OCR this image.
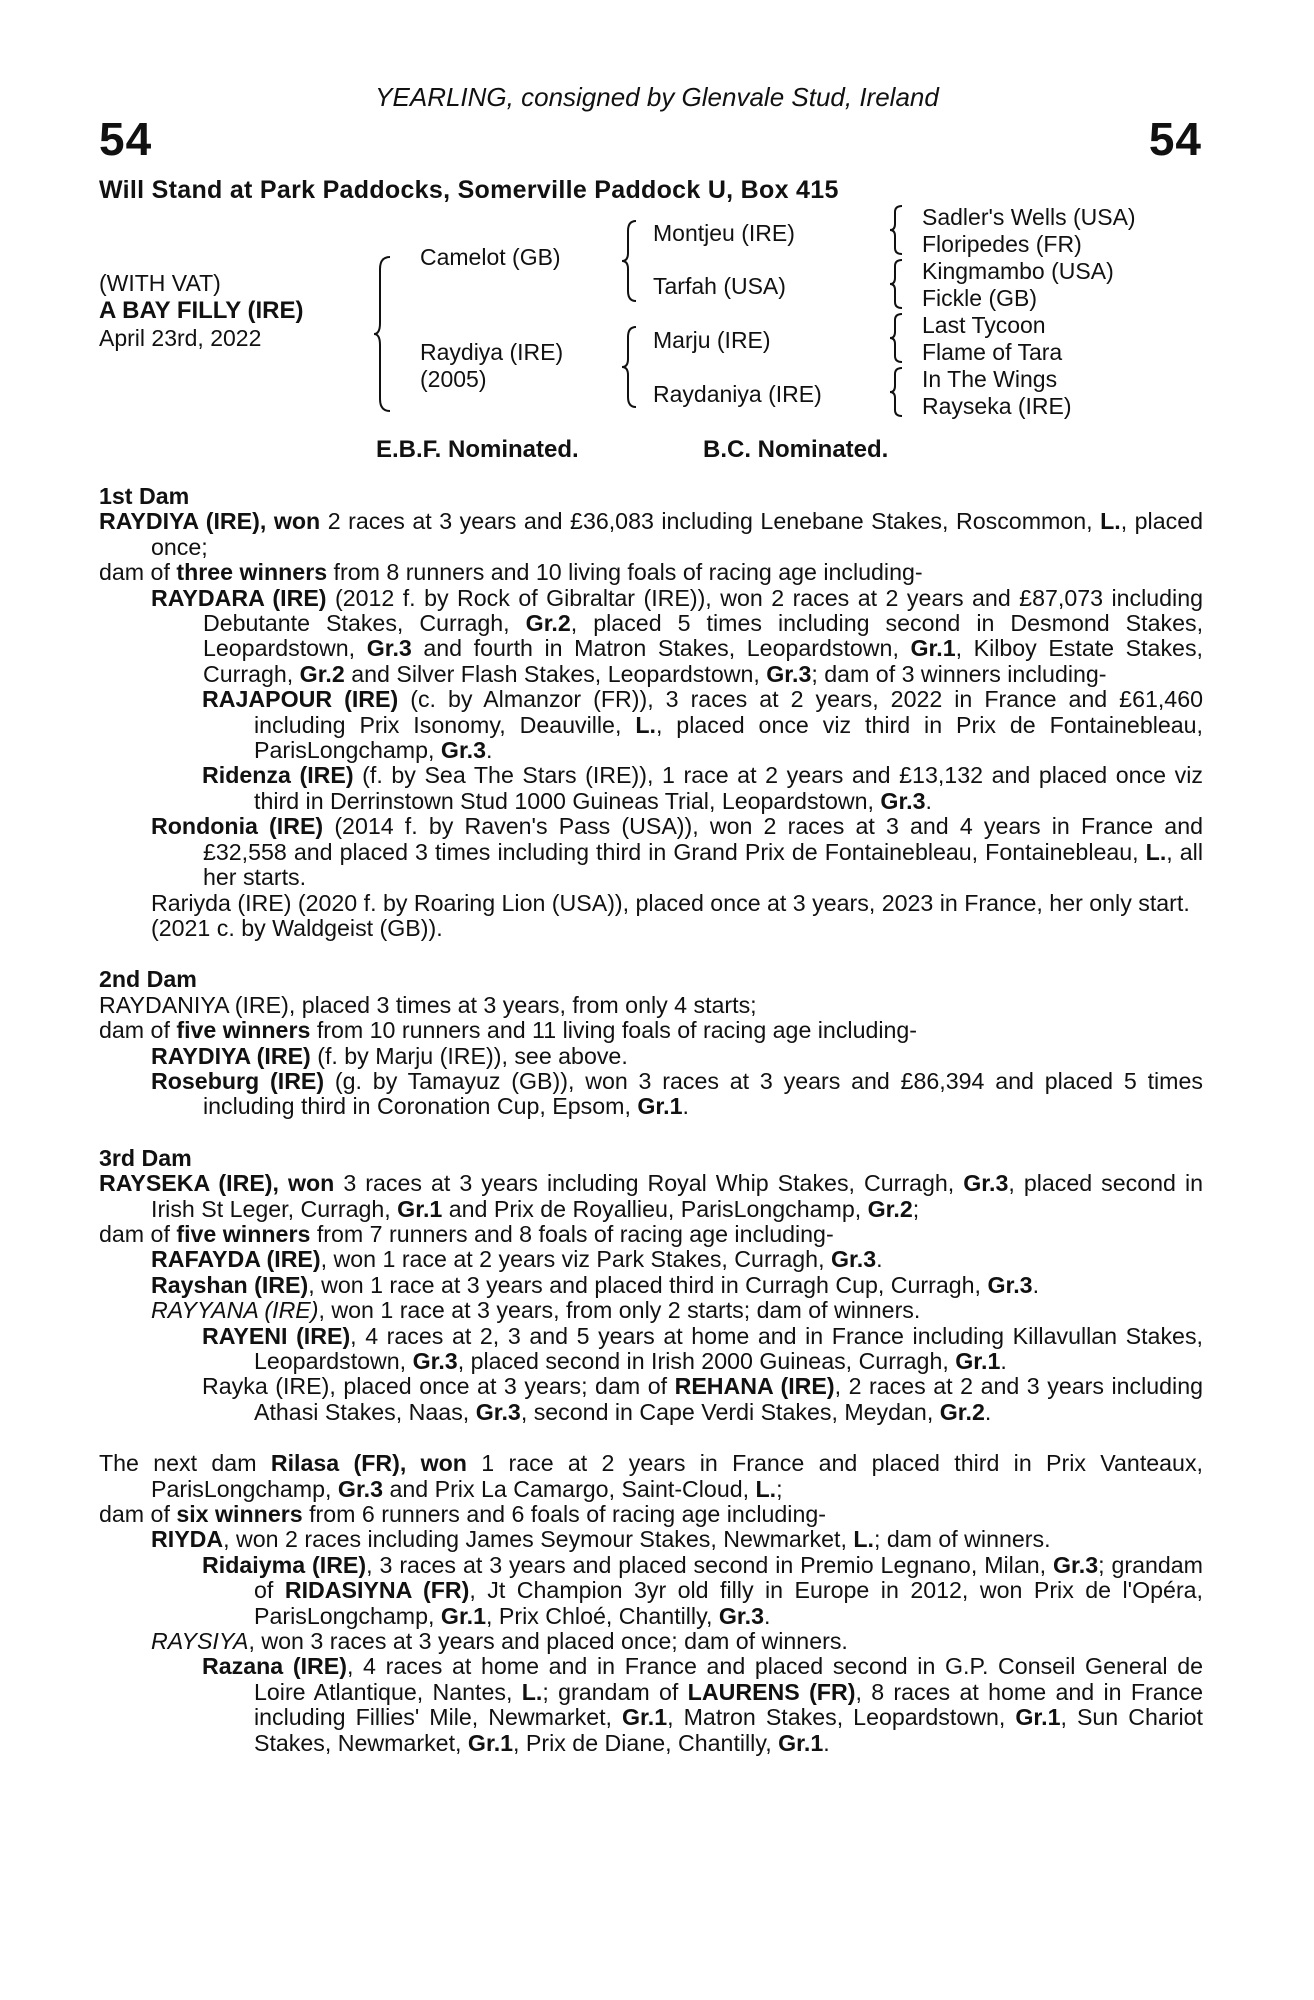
YEARLING, consigned by Glenvale Stud, Ireland
54	54
Will Stand at Park Paddocks, Somerville Paddock U, Box 415
(WITH VAT)
A BAY FILLY (IRE)
April 23rd, 2022
Camelot (GB)
Raydiya (IRE)
(2005)
Montjeu (IRE)
Tarfah (USA)
Marju (IRE)
Raydaniya (IRE)
Sadler's Wells (USA)
Floripedes (FR)
Kingmambo (USA)
Fickle (GB)
Last Tycoon
Flame of Tara
In The Wings
Rayseka (IRE)
E.B.F. Nominated.	B.C. Nominated.
1st Dam

RAYDIYA (IRE), won 2 races at 3 years and £36,083 including Lenebane Stakes, Roscommon, L., placed once;

dam of three winners from 8 runners and 10 living foals of racing age including-

RAYDARA (IRE) (2012 f. by Rock of Gibraltar (IRE)), won 2 races at 2 years and £87,073 including Debutante Stakes, Curragh, Gr.2, placed 5 times including second in Desmond Stakes, Leopardstown, Gr.3 and fourth in Matron Stakes, Leopardstown, Gr.1, Kilboy Estate Stakes, Curragh, Gr.2 and Silver Flash Stakes, Leopardstown, Gr.3; dam of 3 winners including-

RAJAPOUR (IRE) (c. by Almanzor (FR)), 3 races at 2 years, 2022 in France and £61,460 including Prix Isonomy, Deauville, L., placed once viz third in Prix de Fontainebleau, ParisLongchamp, Gr.3.

Ridenza (IRE) (f. by Sea The Stars (IRE)), 1 race at 2 years and £13,132 and placed once viz third in Derrinstown Stud 1000 Guineas Trial, Leopardstown, Gr.3.

Rondonia (IRE) (2014 f. by Raven's Pass (USA)), won 2 races at 3 and 4 years in France and £32,558 and placed 3 times including third in Grand Prix de Fontainebleau, Fontainebleau, L., all her starts.

Rariyda (IRE) (2020 f. by Roaring Lion (USA)), placed once at 3 years, 2023 in France, her only start.

(2021 c. by Waldgeist (GB)).

2nd Dam

RAYDANIYA (IRE), placed 3 times at 3 years, from only 4 starts;

dam of five winners from 10 runners and 11 living foals of racing age including-

RAYDIYA (IRE) (f. by Marju (IRE)), see above.

Roseburg (IRE) (g. by Tamayuz (GB)), won 3 races at 3 years and £86,394 and placed 5 times including third in Coronation Cup, Epsom, Gr.1.

3rd Dam

RAYSEKA (IRE), won 3 races at 3 years including Royal Whip Stakes, Curragh, Gr.3, placed second in Irish St Leger, Curragh, Gr.1 and Prix de Royallieu, ParisLongchamp, Gr.2;

dam of five winners from 7 runners and 8 foals of racing age including-

RAFAYDA (IRE), won 1 race at 2 years viz Park Stakes, Curragh, Gr.3.

Rayshan (IRE), won 1 race at 3 years and placed third in Curragh Cup, Curragh, Gr.3.

RAYYANA (IRE), won 1 race at 3 years, from only 2 starts; dam of winners.

RAYENI (IRE), 4 races at 2, 3 and 5 years at home and in France including Killavullan Stakes, Leopardstown, Gr.3, placed second in Irish 2000 Guineas, Curragh, Gr.1.

Rayka (IRE), placed once at 3 years; dam of REHANA (IRE), 2 races at 2 and 3 years including Athasi Stakes, Naas, Gr.3, second in Cape Verdi Stakes, Meydan, Gr.2.

The next dam Rilasa (FR), won 1 race at 2 years in France and placed third in Prix Vanteaux, ParisLongchamp, Gr.3 and Prix La Camargo, Saint-Cloud, L.;

dam of six winners from 6 runners and 6 foals of racing age including-

RIYDA, won 2 races including James Seymour Stakes, Newmarket, L.; dam of winners.

Ridaiyma (IRE), 3 races at 3 years and placed second in Premio Legnano, Milan, Gr.3; grandam of RIDASIYNA (FR), Jt Champion 3yr old filly in Europe in 2012, won Prix de l'Opéra, ParisLongchamp, Gr.1, Prix Chloé, Chantilly, Gr.3.

RAYSIYA, won 3 races at 3 years and placed once; dam of winners.

Razana (IRE), 4 races at home and in France and placed second in G.P. Conseil General de Loire Atlantique, Nantes, L.; grandam of LAURENS (FR), 8 races at home and in France including Fillies' Mile, Newmarket, Gr.1, Matron Stakes, Leopardstown, Gr.1, Sun Chariot Stakes, Newmarket, Gr.1, Prix de Diane, Chantilly, Gr.1.
